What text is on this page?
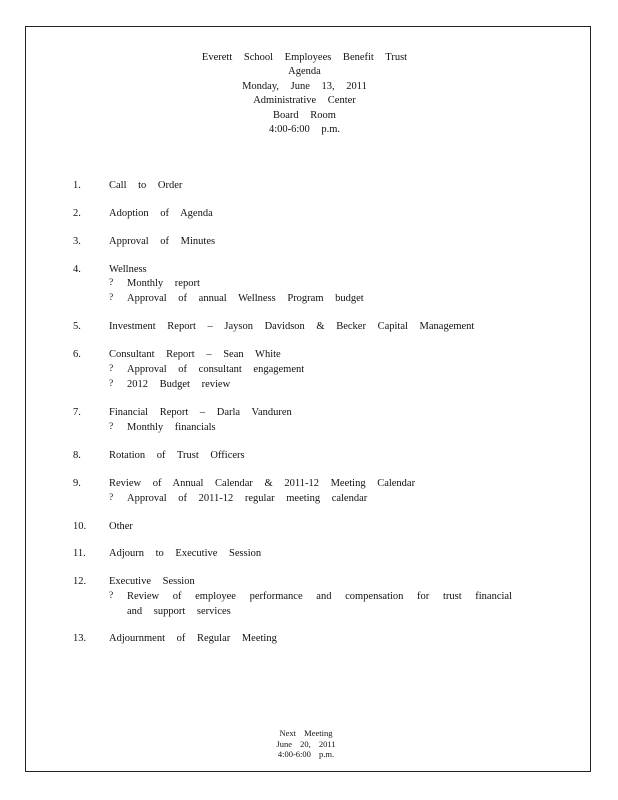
Everett School Employees Benefit Trust
Agenda
Monday, June 13, 2011
Administrative Center
Board Room
4:00-6:00 p.m.
1.	Call to Order
2.	Adoption of Agenda
3.	Approval of Minutes
4.	Wellness
? Monthly report
? Approval of annual Wellness Program budget
5.	Investment Report – Jayson Davidson & Becker Capital Management
6.	Consultant Report – Sean White
? Approval of consultant engagement
? 2012 Budget review
7.	Financial Report – Darla Vanduren
? Monthly financials
8.	Rotation of Trust Officers
9.	Review of Annual Calendar & 2011-12 Meeting Calendar
? Approval of 2011-12 regular meeting calendar
10. Other
11. Adjourn to Executive Session
12. Executive Session
? Review of employee performance and compensation for trust financial and support services
13. Adjournment of Regular Meeting
Next Meeting
June 20, 2011
4:00-6:00 p.m.
